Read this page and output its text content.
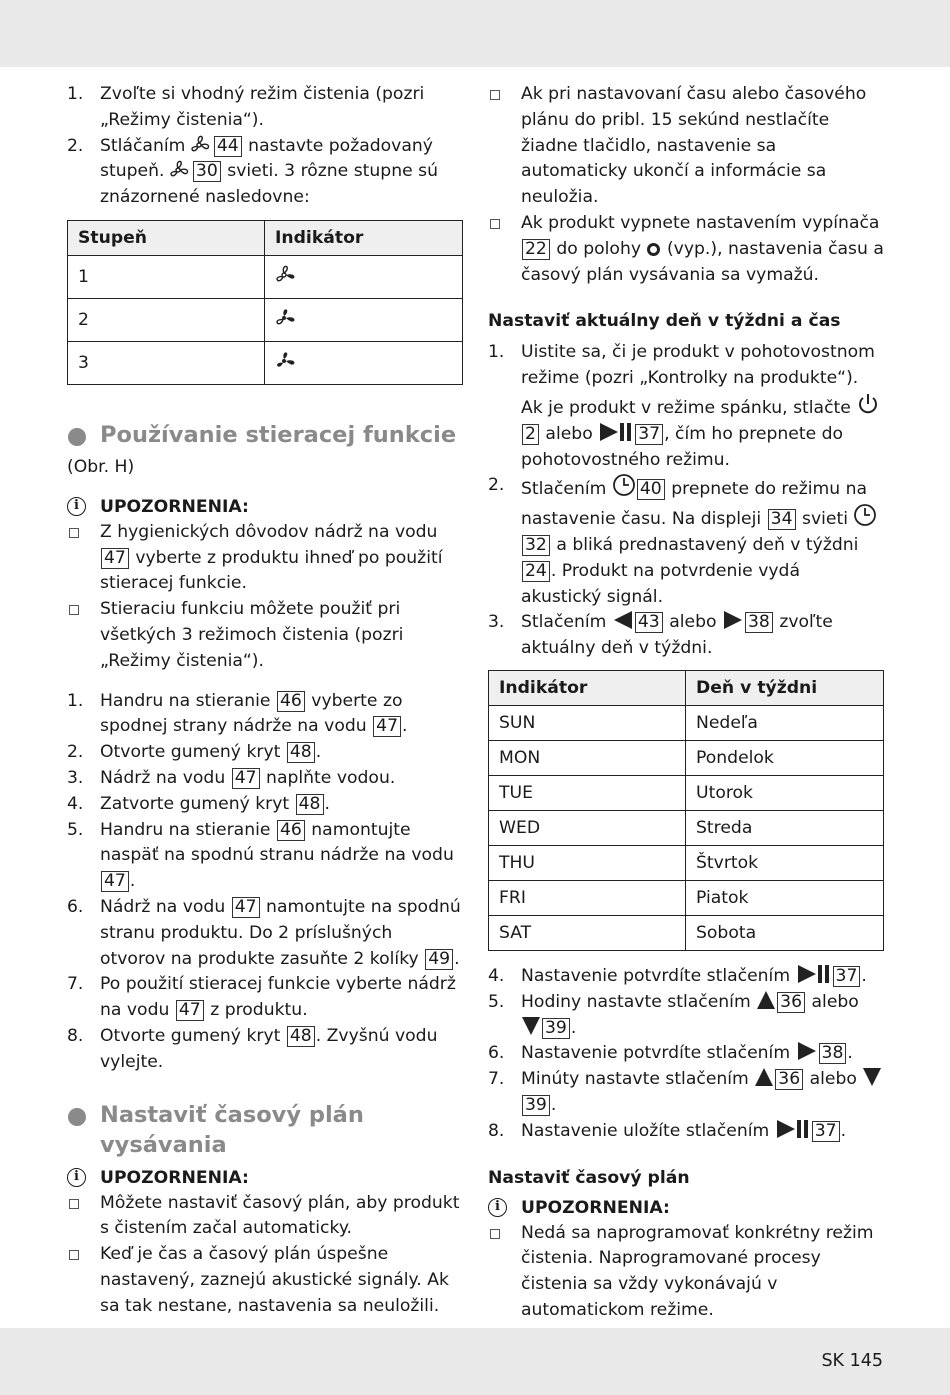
1. Zvoľte si vhodný režim čistenia (pozri „Režimy čistenia“).
2. Stláčaním 44 nastavte požadovaný stupeň. 30 svieti. 3 rôzne stupne sú znázornené nasledovne:
Stupeň	Indikátor
1	
2	
3	

Používanie stieracej funkcie

(Obr. H)

i	UPOZORNENIA:

Z hygienických dôvodov nádrž na vodu 47 vyberte z produktu ihneď po použití stieracej funkcie.
Stieraciu funkciu môžete použiť pri všetkých 3 režimoch čistenia (pozri „Režimy čistenia“).
1. Handru na stieranie 46 vyberte zo spodnej strany nádrže na vodu 47 .
2. Otvorte gumený kryt 48 .
3. Nádrž na vodu 47 naplňte vodou.
4. Zatvorte gumený kryt 48 .
5. Handru na stieranie 46 namontujte naspäť na spodnú stranu nádrže na vodu 47 .
6. Nádrž na vodu 47 namontujte na spodnú stranu produktu. Do 2 príslušných otvorov na produkte zasuňte 2 kolíky 49 .
7. Po použití stieracej funkcie vyberte nádrž na vodu 47 z produktu.
8. Otvorte gumený kryt 48 . Zvyšnú vodu vylejte.

Nastaviť časový plán vysávania

i	UPOZORNENIA:

Môžete nastaviť časový plán, aby produkt s čistením začal automaticky.
Keď je čas a časový plán úspešne nastavený, zaznejú akustické signály. Ak sa tak nestane, nastavenia sa neuložili.
Ak pri nastavovaní času alebo časového plánu do pribl. 15 sekúnd nestlačíte žiadne tlačidlo, nastavenie sa automaticky ukončí a informácie sa neuložia.
Ak produkt vypnete nastavením vypínača 22 do polohy (vyp.), nastavenia času a časový plán vysávania sa vymažú.

Nastaviť aktuálny deň v týždni a čas

1. Uistite sa, či je produkt v pohotovostnom režime (pozri „Kontrolky na produkte“). Ak je produkt v režime spánku, stlačte 2 alebo	37 , čím ho prepnete do pohotovostného režimu.
2. Stlačením 40 prepnete do režimu na nastavenie času. Na displeji 34 svieti 32 a bliká prednastavený deň v týždni 24 . Produkt na potvrdenie vydá akustický signál.
3. Stlačením 43 alebo 38 zvoľte aktuálny deň v týždni.
Indikátor	Deň v týždni
SUN	Nedeľa
MON	Pondelok
TUE	Utorok
WED	Streda
THU	Štvrtok
FRI	Piatok
SAT	Sobota
4. Nastavenie potvrdíte stlačením	37 .
5. Hodiny nastavte stlačením 36 alebo 39 .
6. Nastavenie potvrdíte stlačením 38 .
7. Minúty nastavte stlačením 36 alebo 39 .
8. Nastavenie uložíte stlačením	37 .

Nastaviť časový plán

i	UPOZORNENIA:

Nedá sa naprogramovať konkrétny režim čistenia. Naprogramované procesy čistenia sa vždy vykonávajú v automatickom režime.
SK 145
